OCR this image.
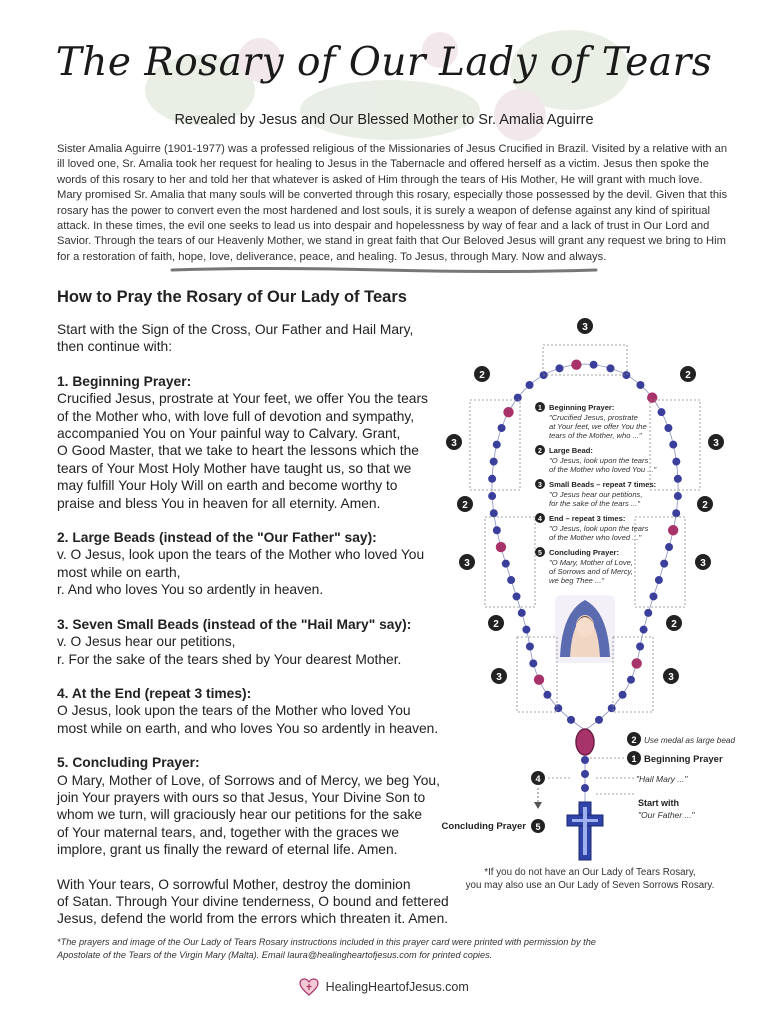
The Rosary of Our Lady of Tears
Revealed by Jesus and Our Blessed Mother to Sr. Amalia Aguirre
Sister Amalia Aguirre (1901-1977) was a professed religious of the Missionaries of Jesus Crucified in Brazil. Visited by a relative with an ill loved one, Sr. Amalia took her request for healing to Jesus in the Tabernacle and offered herself as a victim. Jesus then spoke the words of this rosary to her and told her that whatever is asked of Him through the tears of His Mother, He will grant with much love. Mary promised Sr. Amalia that many souls will be converted through this rosary, especially those possessed by the devil. Given that this rosary has the power to convert even the most hardened and lost souls, it is surely a weapon of defense against any kind of spiritual attack. In these times, the evil one seeks to lead us into despair and hopelessness by way of fear and a lack of trust in Our Lord and Savior. Through the tears of our Heavenly Mother, we stand in great faith that Our Beloved Jesus will grant any request we bring to Him for a restoration of faith, hope, love, deliverance, peace, and healing. To Jesus, through Mary. Now and always.
How to Pray the Rosary of Our Lady of Tears

Start with the Sign of the Cross, Our Father and Hail Mary,
then continue with:

1. Beginning Prayer:
Crucified Jesus, prostrate at Your feet, we offer You the tears
of the Mother who, with love full of devotion and sympathy,
accompanied You on Your painful way to Calvary. Grant,
O Good Master, that we take to heart the lessons which the
tears of Your Most Holy Mother have taught us, so that we
may fulfill Your Holy Will on earth and become worthy to
praise and bless You in heaven for all eternity. Amen.

2. Large Beads (instead of the "Our Father" say):
v. O Jesus, look upon the tears of the Mother who loved You
most while on earth,
r. And who loves You so ardently in heaven.

3. Seven Small Beads (instead of the "Hail Mary" say):
v. O Jesus hear our petitions,
r. For the sake of the tears shed by Your dearest Mother.

4. At the End (repeat 3 times):
O Jesus, look upon the tears of the Mother who loved You
most while on earth, and who loves You so ardently in heaven.

5. Concluding Prayer:
O Mary, Mother of Love, of Sorrows and of Mercy, we beg You,
join Your prayers with ours so that Jesus, Your Divine Son to
whom we turn, will graciously hear our petitions for the sake
of Your maternal tears, and, together with the graces we
implore, grant us finally the reward of eternal life. Amen.

With Your tears, O sorrowful Mother, destroy the dominion
of Satan. Through Your divine tenderness, O bound and fettered
Jesus, defend the world from the errors which threaten it. Amen.

3
2	2
3	3
2	2
3	3
2	2
3	3
2 Use medal as large bead
1 Beginning Prayer
"Hail Mary ..."
Start with
"Our Father ..."
4
Concluding Prayer 5
1 Beginning Prayer:
"Crucified Jesus, prostrate
at Your feet, we offer You the
tears of the Mother, who ..."
2 Large Bead:
"O Jesus, look upon the tears
of the Mother who loved You ..."
3 Small Beads – repeat 7 times:
"O Jesus hear our petitions,
for the sake of the tears ..."
4 End – repeat 3 times:
"O Jesus, look upon the tears
of the Mother who loved ..."
5 Concluding Prayer:
"O Mary, Mother of Love,
of Sorrows and of Mercy,
we beg Thee ..."
*If you do not have an Our Lady of Tears Rosary,
you may also use an Our Lady of Seven Sorrows Rosary.
*The prayers and image of the Our Lady of Tears Rosary instructions included in this prayer card were printed with permission by the
Apostolate of the Tears of the Virgin Mary (Malta). Email laura@healingheartofjesus.com for printed copies.
HealingHeartofJesus.com
